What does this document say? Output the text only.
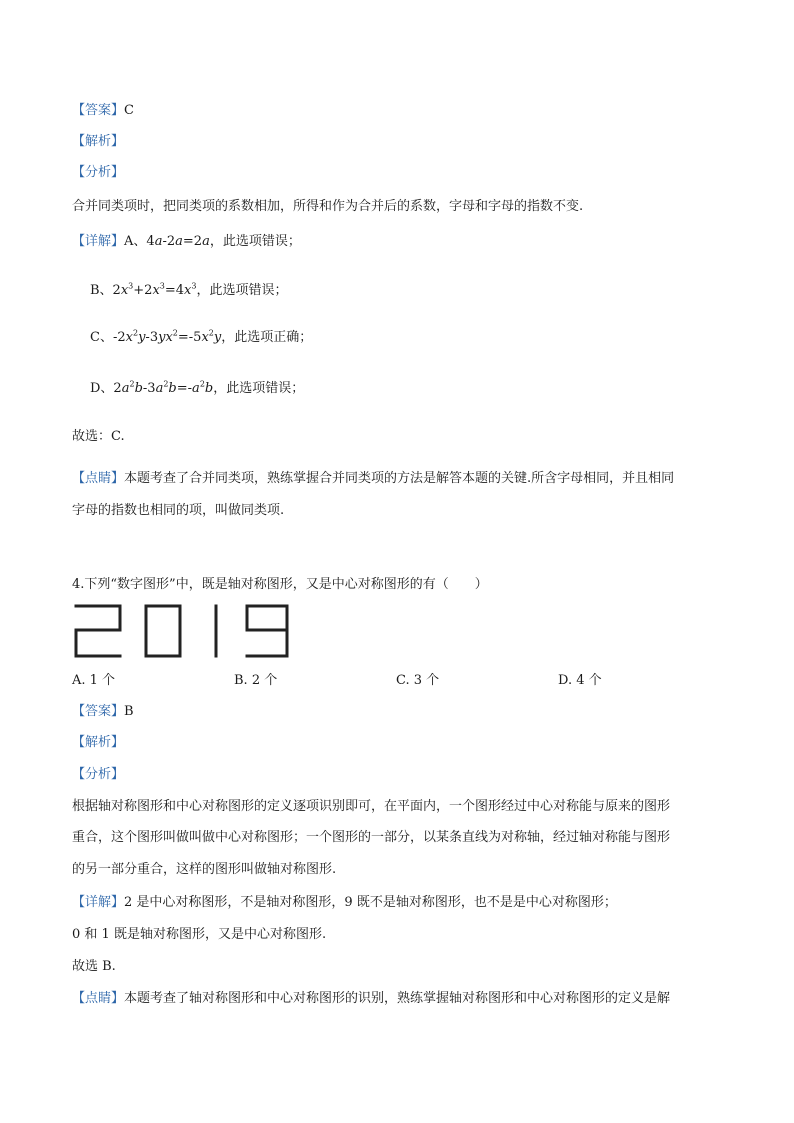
【答案】C
【解析】
【分析】
合并同类项时，把同类项的系数相加，所得和作为合并后的系数，字母和字母的指数不变.
【详解】A、4a-2a=2a，此选项错误；
B、$2x^3+2x^3=4x^3$，此选项错误；
C、$-2x^2y-3yx^2=-5x^2y$，此选项正确；
D、$2a^2b-3a^2b=-a^2b$，此选项错误；
故选：C.
【点睛】本题考查了合并同类项，熟练掌握合并同类项的方法是解答本题的关键.所含字母相同，并且相同
字母的指数也相同的项，叫做同类项.
4.下列“数字图形”中，既是轴对称图形，又是中心对称图形的有（　　）
A. 1 个	B. 2 个	C. 3 个	D. 4 个
【答案】B
【解析】
【分析】
根据轴对称图形和中心对称图形的定义逐项识别即可，在平面内，一个图形经过中心对称能与原来的图形
重合，这个图形叫做叫做中心对称图形；一个图形的一部分，以某条直线为对称轴，经过轴对称能与图形
的另一部分重合，这样的图形叫做轴对称图形.
【详解】2 是中心对称图形，不是轴对称图形，9 既不是轴对称图形，也不是是中心对称图形；
0 和 1 既是轴对称图形，又是中心对称图形.
故选 B.
【点睛】本题考查了轴对称图形和中心对称图形的识别，熟练掌握轴对称图形和中心对称图形的定义是解
